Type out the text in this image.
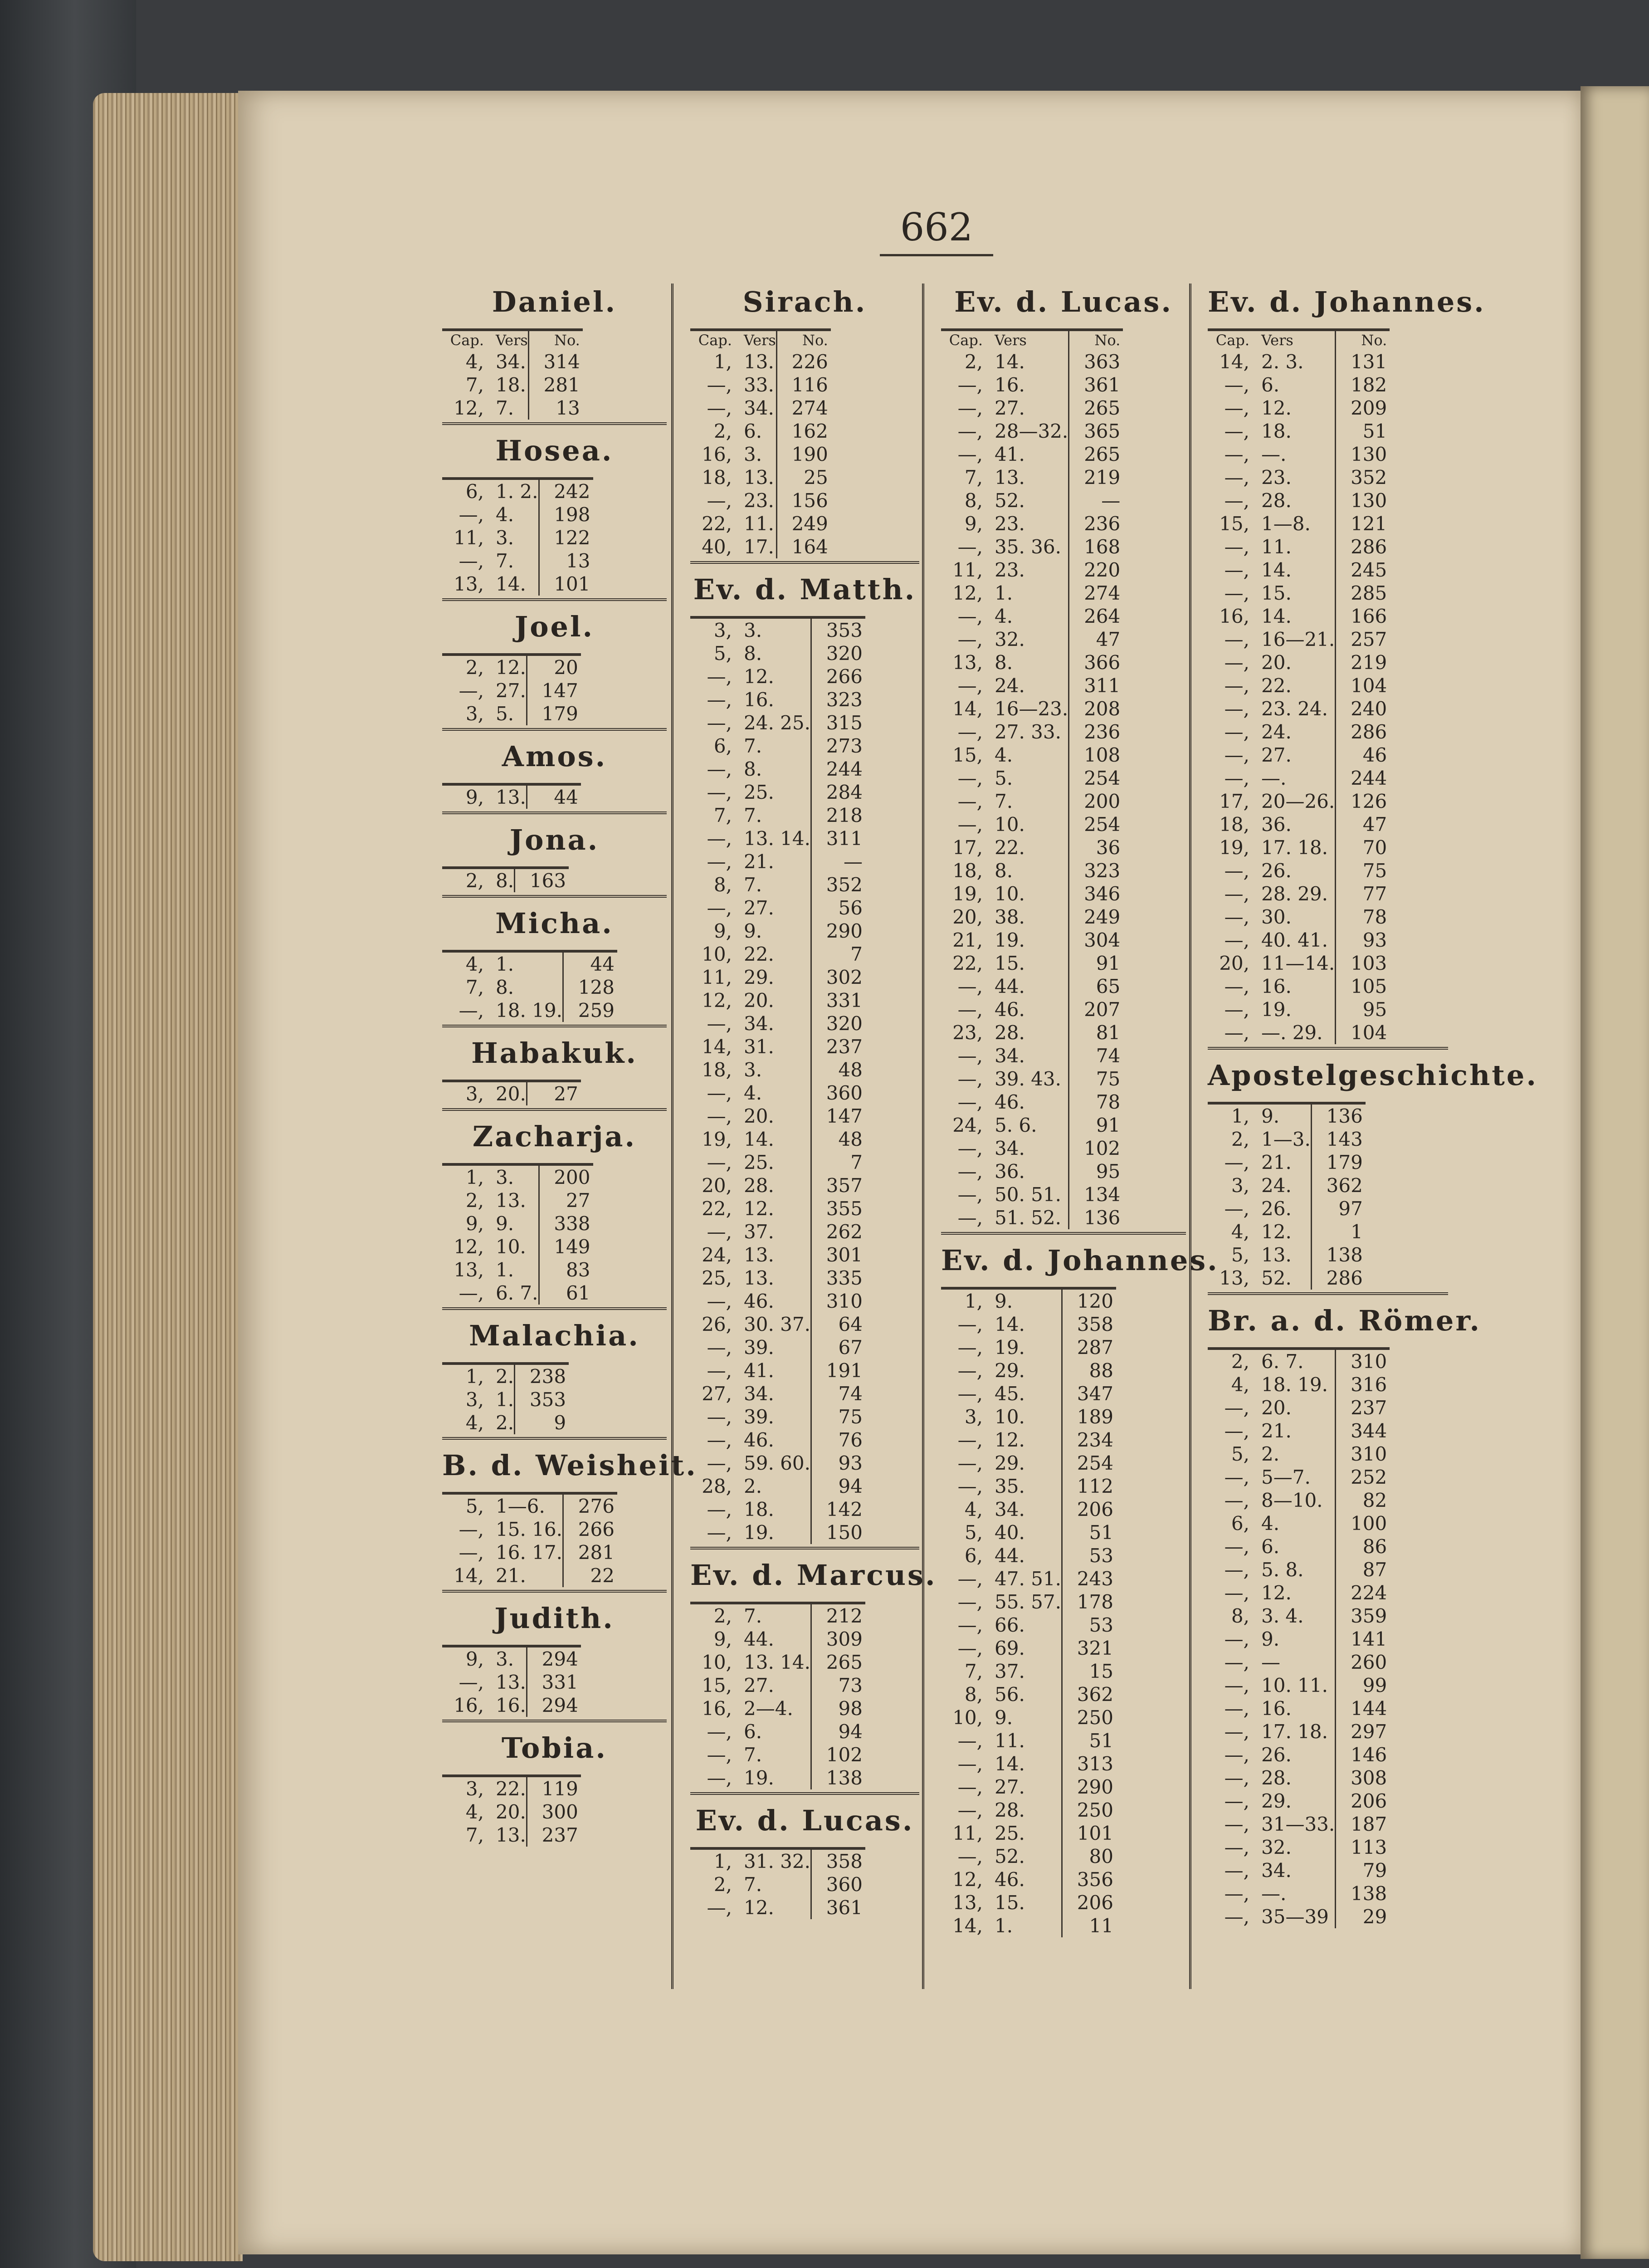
662
Daniel.
Cap.	Vers	No.
4,	34.	314
7,	18.	281
12,	7.	13
Hosea.
6,	1. 2.	242
—,	4.	198
11,	3.	122
—,	7.	13
13,	14.	101
Joel.
2,	12.	20
—,	27.	147
3,	5.	179
Amos.
9,	13.	44
Jona.
2,	8.	163
Micha.
4,	1.	44
7,	8.	128
—,	18. 19.	259
Habakuk.
3,	20.	27
Zacharja.
1,	3.	200
2,	13.	27
9,	9.	338
12,	10.	149
13,	1.	83
—,	6. 7.	61
Malachia.
1,	2.	238
3,	1.	353
4,	2.	9
B. d. Weisheit.
5,	1—6.	276
—,	15. 16.	266
—,	16. 17.	281
14,	21.	22
Judith.
9,	3.	294
—,	13.	331
16,	16.	294
Tobia.
3,	22.	119
4,	20.	300
7,	13.	237
Sirach.
Cap.	Vers	No.
1,	13.	226
—,	33.	116
—,	34.	274
2,	6.	162
16,	3.	190
18,	13.	25
—,	23.	156
22,	11.	249
40,	17.	164
Ev. d. Matth.
3,	3.	353
5,	8.	320
—,	12.	266
—,	16.	323
—,	24. 25.	315
6,	7.	273
—,	8.	244
—,	25.	284
7,	7.	218
—,	13. 14.	311
—,	21.	—
8,	7.	352
—,	27.	56
9,	9.	290
10,	22.	7
11,	29.	302
12,	20.	331
—,	34.	320
14,	31.	237
18,	3.	48
—,	4.	360
—,	20.	147
19,	14.	48
—,	25.	7
20,	28.	357
22,	12.	355
—,	37.	262
24,	13.	301
25,	13.	335
—,	46.	310
26,	30. 37.	64
—,	39.	67
—,	41.	191
27,	34.	74
—,	39.	75
—,	46.	76
—,	59. 60.	93
28,	2.	94
—,	18.	142
—,	19.	150
Ev. d. Marcus.
2,	7.	212
9,	44.	309
10,	13. 14.	265
15,	27.	73
16,	2—4.	98
—,	6.	94
—,	7.	102
—,	19.	138
Ev. d. Lucas.
1,	31. 32.	358
2,	7.	360
—,	12.	361
Ev. d. Lucas.
Cap.	Vers	No.
2,	14.	363
—,	16.	361
—,	27.	265
—,	28—32.	365
—,	41.	265
7,	13.	219
8,	52.	—
9,	23.	236
—,	35. 36.	168
11,	23.	220
12,	1.	274
—,	4.	264
—,	32.	47
13,	8.	366
—,	24.	311
14,	16—23.	208
—,	27. 33.	236
15,	4.	108
—,	5.	254
—,	7.	200
—,	10.	254
17,	22.	36
18,	8.	323
19,	10.	346
20,	38.	249
21,	19.	304
22,	15.	91
—,	44.	65
—,	46.	207
23,	28.	81
—,	34.	74
—,	39. 43.	75
—,	46.	78
24,	5. 6.	91
—,	34.	102
—,	36.	95
—,	50. 51.	134
—,	51. 52.	136
Ev. d. Johannes.
1,	9.	120
—,	14.	358
—,	19.	287
—,	29.	88
—,	45.	347
3,	10.	189
—,	12.	234
—,	29.	254
—,	35.	112
4,	34.	206
5,	40.	51
6,	44.	53
—,	47. 51.	243
—,	55. 57.	178
—,	66.	53
—,	69.	321
7,	37.	15
8,	56.	362
10,	9.	250
—,	11.	51
—,	14.	313
—,	27.	290
—,	28.	250
11,	25.	101
—,	52.	80
12,	46.	356
13,	15.	206
14,	1.	11
Ev. d. Johannes.
Cap.	Vers	No.
14,	2. 3.	131
—,	6.	182
—,	12.	209
—,	18.	51
—,	—.	130
—,	23.	352
—,	28.	130
15,	1—8.	121
—,	11.	286
—,	14.	245
—,	15.	285
16,	14.	166
—,	16—21.	257
—,	20.	219
—,	22.	104
—,	23. 24.	240
—,	24.	286
—,	27.	46
—,	—.	244
17,	20—26.	126
18,	36.	47
19,	17. 18.	70
—,	26.	75
—,	28. 29.	77
—,	30.	78
—,	40. 41.	93
20,	11—14.	103
—,	16.	105
—,	19.	95
—,	—. 29.	104
Apostelgeschichte.
1,	9.	136
2,	1—3.	143
—,	21.	179
3,	24.	362
—,	26.	97
4,	12.	1
5,	13.	138
13,	52.	286
Br. a. d. Römer.
2,	6. 7.	310
4,	18. 19.	316
—,	20.	237
—,	21.	344
5,	2.	310
—,	5—7.	252
—,	8—10.	82
6,	4.	100
—,	6.	86
—,	5. 8.	87
—,	12.	224
8,	3. 4.	359
—,	9.	141
—,	—	260
—,	10. 11.	99
—,	16.	144
—,	17. 18.	297
—,	26.	146
—,	28.	308
—,	29.	206
—,	31—33.	187
—,	32.	113
—,	34.	79
—,	—.	138
—,	35—39	29
